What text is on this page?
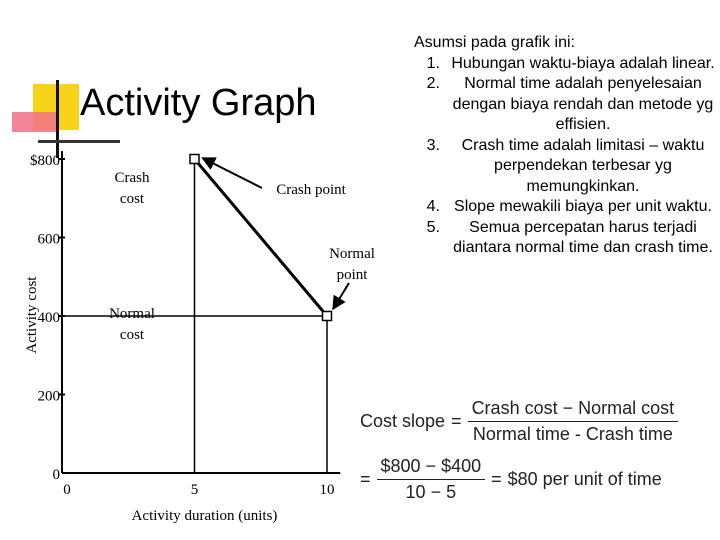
Activity Graph
200
400
600
$800
0
0	5	10
Activity duration (units)
Activity cost
Crash cost
Normal cost
Normal point
Crash point
Asumsi pada grafik ini:
1. Hubungan waktu-biaya adalah linear.
2.	Normal time adalah penyelesaian dengan biaya rendah dan metode yg effisien.
3.	Crash time adalah limitasi – waktu perpendekan terbesar yg memungkinkan.
4. Slope mewakili biaya per unit waktu.
5.	Semua percepatan harus terjadi diantara normal time dan crash time.
Cost slope = $\frac{\text{Crash cost − Normal cost}}{\text{Normal time - Crash time}}$
= $\frac{\$800 - \$400}{10 - 5}$ = $80 per unit of time
